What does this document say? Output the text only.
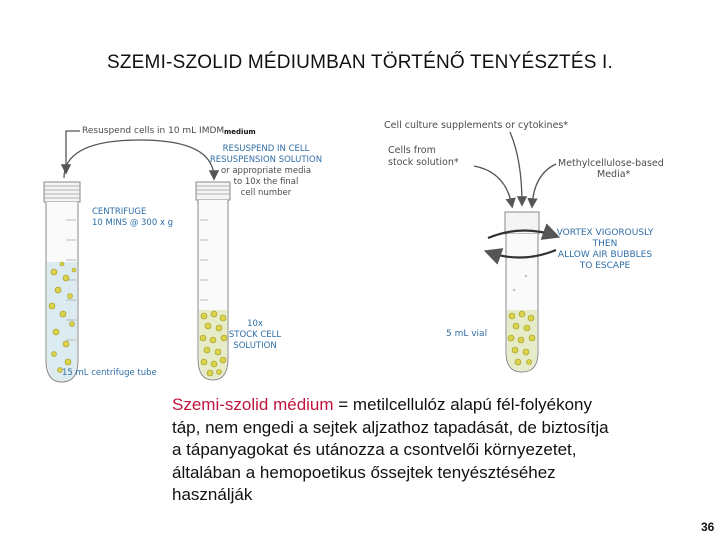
SZEMI-SZOLID MÉDIUMBAN TÖRTÉNŐ TENYÉSZTÉS I.
Resuspend cells in 10 mL IMDM medium
CENTRIFUGE
10 MINS @ 300 x g
RESUSPEND IN CELL
RESUSPENSION SOLUTION
or appropriate media
to 10x the final
cell number
10x
STOCK CELL
SOLUTION
15 mL centrifuge tube
Cell culture supplements or cytokines*
Cells from
stock solution*	Methylcellulose-based
Media*
VORTEX VIGOROUSLY
THEN
ALLOW AIR BUBBLES
TO ESCAPE
5 mL vial
Szemi-szolid médium = metilcellulóz alapú fél-folyékony táp, nem engedi a sejtek aljzathoz tapadását, de biztosítja a tápanyagokat és utánozza a csontvelői környezetet, általában a hemopoetikus őssejtek tenyésztéséhez használják
36
